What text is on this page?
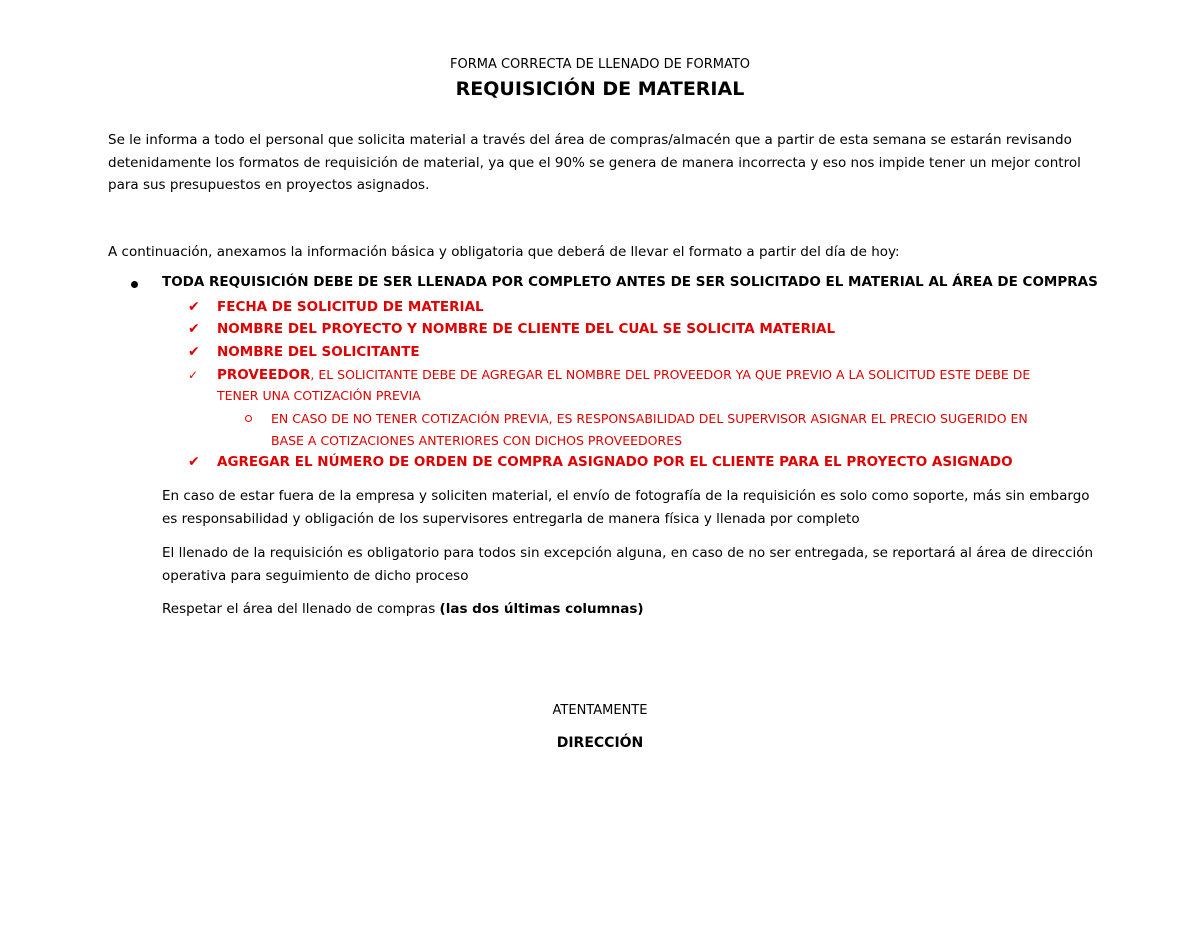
FORMA CORRECTA DE LLENADO DE FORMATO
REQUISICIÓN DE MATERIAL
Se le informa a todo el personal que solicita material a través del área de compras/almacén que a partir de esta semana se estarán revisando
detenidamente los formatos de requisición de material, ya que el 90% se genera de manera incorrecta y eso nos impide tener un mejor control
para sus presupuestos en proyectos asignados.
A continuación, anexamos la información básica y obligatoria que deberá de llevar el formato a partir del día de hoy:
TODA REQUISICIÓN DEBE DE SER LLENADA POR COMPLETO ANTES DE SER SOLICITADO EL MATERIAL AL ÁREA DE COMPRAS
✔ FECHA DE SOLICITUD DE MATERIAL
✔ NOMBRE DEL PROYECTO Y NOMBRE DE CLIENTE DEL CUAL SE SOLICITA MATERIAL
✔ NOMBRE DEL SOLICITANTE
✓ PROVEEDOR, EL SOLICITANTE DEBE DE AGREGAR EL NOMBRE DEL PROVEEDOR YA QUE PREVIO A LA SOLICITUD ESTE DEBE DE
TENER UNA COTIZACIÓN PREVIA
EN CASO DE NO TENER COTIZACIÓN PREVIA, ES RESPONSABILIDAD DEL SUPERVISOR ASIGNAR EL PRECIO SUGERIDO EN
BASE A COTIZACIONES ANTERIORES CON DICHOS PROVEEDORES
✔ AGREGAR EL NÚMERO DE ORDEN DE COMPRA ASIGNADO POR EL CLIENTE PARA EL PROYECTO ASIGNADO
En caso de estar fuera de la empresa y soliciten material, el envío de fotografía de la requisición es solo como soporte, más sin embargo
es responsabilidad y obligación de los supervisores entregarla de manera física y llenada por completo
El llenado de la requisición es obligatorio para todos sin excepción alguna, en caso de no ser entregada, se reportará al área de dirección
operativa para seguimiento de dicho proceso
Respetar el área del llenado de compras (las dos últimas columnas)
ATENTAMENTE
DIRECCIÓN
